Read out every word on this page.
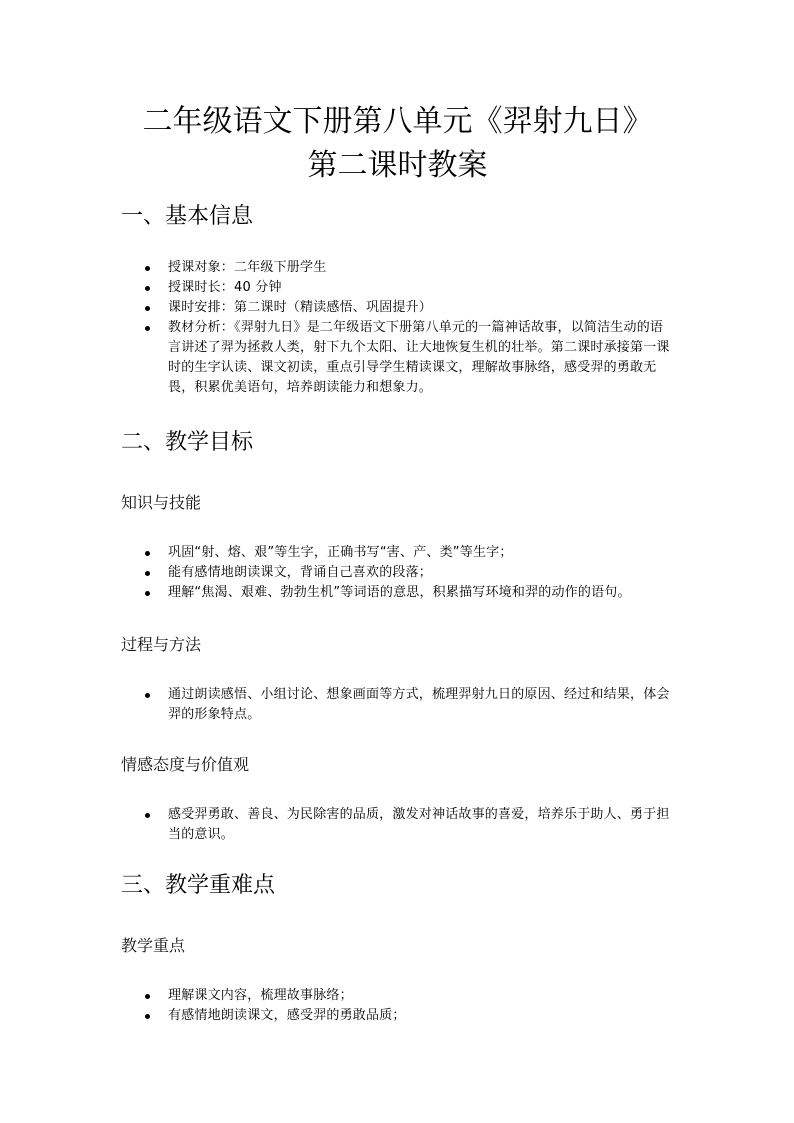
二年级语文下册第八单元《羿射九日》
第二课时教案
一、基本信息
授课对象：二年级下册学生
授课时长：40 分钟
课时安排：第二课时（精读感悟、巩固提升）
教材分析：《羿射九日》是二年级语文下册第八单元的一篇神话故事，以简洁生动的语言讲述了羿为拯救人类，射下九个太阳、让大地恢复生机的壮举。第二课时承接第一课时的生字认读、课文初读，重点引导学生精读课文，理解故事脉络，感受羿的勇敢无畏，积累优美语句，培养朗读能力和想象力。
二、教学目标
知识与技能
巩固“射、熔、艰”等生字，正确书写“害、产、类”等生字；
能有感情地朗读课文，背诵自己喜欢的段落；
理解“焦渴、艰难、勃勃生机”等词语的意思，积累描写环境和羿的动作的语句。
过程与方法
通过朗读感悟、小组讨论、想象画面等方式，梳理羿射九日的原因、经过和结果，体会羿的形象特点。
情感态度与价值观
感受羿勇敢、善良、为民除害的品质，激发对神话故事的喜爱，培养乐于助人、勇于担当的意识。
三、教学重难点
教学重点
理解课文内容，梳理故事脉络；
有感情地朗读课文，感受羿的勇敢品质；
